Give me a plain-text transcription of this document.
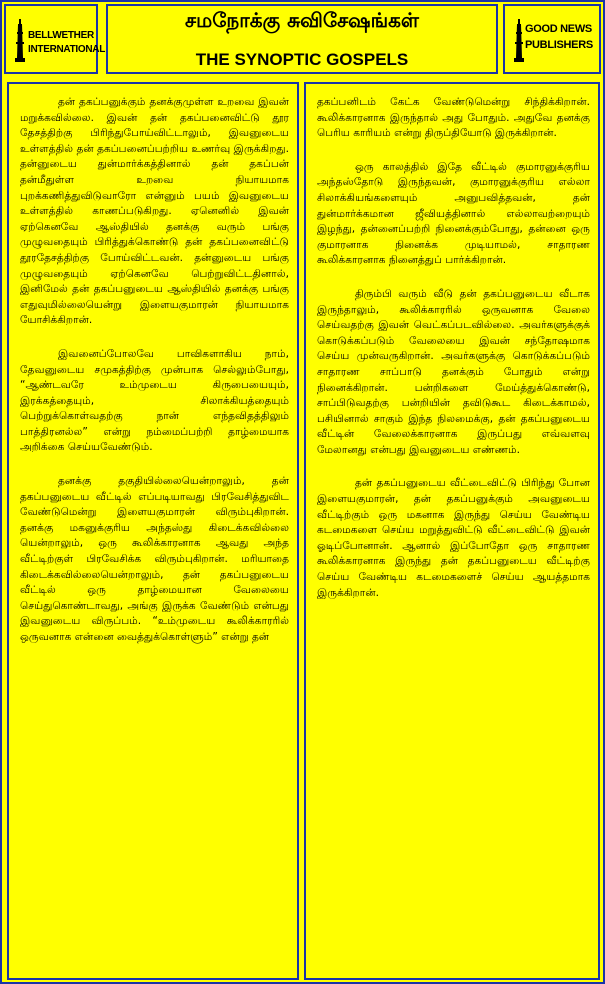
BELLWETHER
INTERNATIONAL
சமநோக்கு சுவிசேஷங்கள்
THE SYNOPTIC GOSPELS
GOOD NEWS
PUBLISHERS

தன் தகப்பனுக்கும் தனக்குமுள்ள உறவை இவன் மறுக்கவில்லை. இவன் தன் தகப்பனைவிட்டு தூர தேசத்திற்கு பிரிந்துபோய்விட்டாலும், இவனுடைய உள்ளத்தில் தன் தகப்பனைப்பற்றிய உணர்வு இருக்கிறது. தன்னுடைய துன்மார்க்கத்தினால் தன் தகப்பன் தன்மீதுள்ள உறவை நியாயமாக புறக்கணித்துவிடுவாரோ என்னும் பயம் இவனுடைய உள்ளத்தில் காணப்படுகிறது. ஏனெனில் இவன் ஏற்கெனவே ஆஸ்தியில் தனக்கு வரும் பங்கு முழுவதையும் பிரித்துக்கொண்டு தன் தகப்பனைவிட்டு தூரதேசத்திற்கு போய்விட்டவன். தன்னுடைய பங்கு முழுவதையும் ஏற்கெனவே பெற்றுவிட்டதினால், இனிமேல் தன் தகப்பனுடைய ஆஸ்தியில் தனக்கு பங்கு எதுவுமில்லையென்று இளையகுமாரன் நியாயமாக யோசிக்கிறான்.

இவனைப்போலவே பாவிகளாகிய நாம், தேவனுடைய சமுகத்திற்கு முன்பாக செல்லும்போது, “ஆண்டவரே உம்முடைய கிருபையையும், இரக்கத்தையும், சிலாக்கியத்தையும் பெற்றுக்கொள்வதற்கு நான் எந்தவிதத்திலும் பாத்திரனல்ல” என்று நம்மைப்பற்றி தாழ்மையாக அறிக்கை செய்யவேண்டும்.

தனக்கு தகுதியில்லையென்றாலும், தன் தகப்பனுடைய வீட்டில் எப்படியாவது பிரவேசித்துவிட வேண்டுமென்று இளையகுமாரன் விரும்புகிறான். தனக்கு மகனுக்குரிய அந்தஸ்து கிடைக்கவில்லை யென்றாலும், ஒரு கூலிக்காரனாக ஆவது அந்த வீட்டிற்குள் பிரவேசிக்க விரும்புகிறான். மரியாதை கிடைக்கவில்லையென்றாலும், தன் தகப்பனுடைய வீட்டில் ஒரு தாழ்மையான வேலையை செய்துகொண்டாவது, அங்கு இருக்க வேண்டும் என்பது இவனுடைய விருப்பம். “உம்முடைய கூலிக்காரரில் ஒருவனாக என்னை வைத்துக்கொள்ளும்” என்று தன்

தகப்பனிடம் கேட்க வேண்டுமென்று சிந்திக்கிறான். கூலிக்காரனாக இருந்தால் அது போதும். அதுவே தனக்கு பெரிய காரியம் என்று திருப்தியோடு இருக்கிறான்.

ஒரு காலத்தில் இதே வீட்டில் குமாரனுக்குரிய அந்தஸ்தோடு இருந்தவன், குமாரனுக்குரிய எல்லா சிலாக்கியங்களையும் அனுபவித்தவன், தன் துன்மார்க்கமான ஜீவியத்தினால் எல்லாவற்றையும் இழந்து, தன்னைப்பற்றி நினைக்கும்போது, தன்னை ஒரு குமாரனாக நினைக்க முடியாமல், சாதாரண கூலிக்காரனாக நினைத்துப் பார்க்கிறான்.

திரும்பி வரும் வீடு தன் தகப்பனுடைய வீடாக இருந்தாலும், கூலிக்காரரில் ஒருவனாக வேலை செய்வதற்கு இவன் வெட்கப்படவில்லை. அவர்களுக்குக் கொடுக்கப்படும் வேலையை இவன் சந்தோஷமாக செய்ய முன்வருகிறான். அவர்களுக்கு கொடுக்கப்படும் சாதாரண சாப்பாடு தனக்கும் போதும் என்று நினைக்கிறான். பன்றிகளை மேய்த்துக்கொண்டு, சாப்பிடுவதற்கு பன்றியின் தவிடுகூட கிடைக்காமல், பசியினால் சாகும் இந்த நிலமைக்கு, தன் தகப்பனுடைய வீட்டின் வேலைக்காரனாக இருப்பது எவ்வளவு மேலானது என்பது இவனுடைய எண்ணம்.

தன் தகப்பனுடைய வீட்டைவிட்டு பிரிந்து போன இளையகுமாரன், தன் தகப்பனுக்கும் அவனுடைய வீட்டிற்கும் ஒரு மகனாக இருந்து செய்ய வேண்டிய கடமைகளை செய்ய மறுத்துவிட்டு வீட்டைவிட்டு இவன் ஓடிப்போனான். ஆனால் இப்போதோ ஒரு சாதாரண கூலிக்காரனாக இருந்து தன் தகப்பனுடைய வீட்டிற்கு செய்ய வேண்டிய கடமைகளைச் செய்ய ஆயத்தமாக இருக்கிறான்.
